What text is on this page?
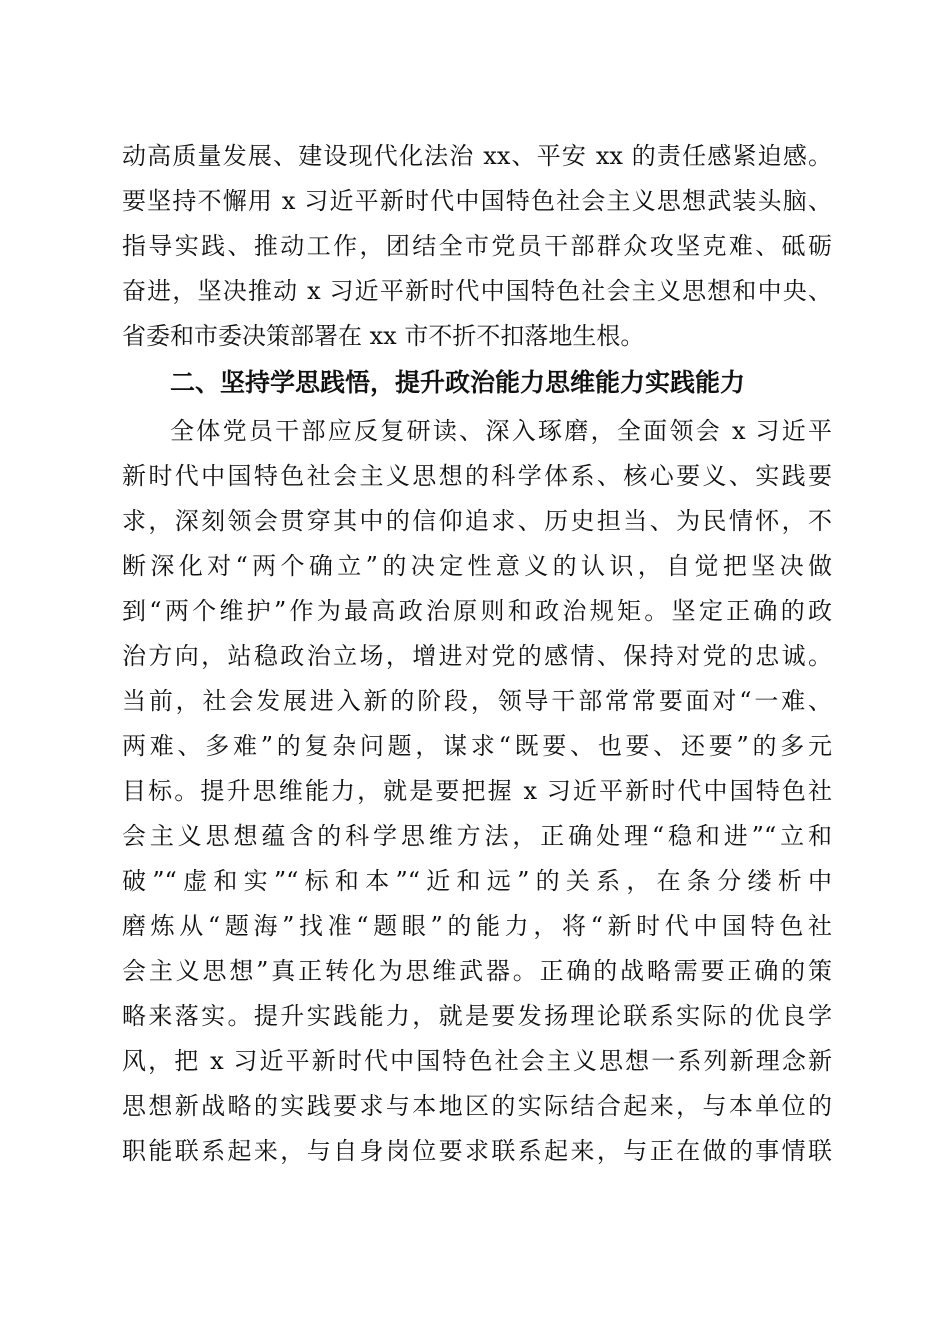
动高质量发展、建设现代化法治 xx、平安 xx 的责任感紧迫感。
要坚持不懈用 x 习近平新时代中国特色社会主义思想武装头脑、
指导实践、推动工作，团结全市党员干部群众攻坚克难、砥砺
奋进，坚决推动 x 习近平新时代中国特色社会主义思想和中央、
省委和市委决策部署在 xx 市不折不扣落地生根。
二、坚持学思践悟，提升政治能力思维能力实践能力
全体党员干部应反复研读、深入琢磨，全面领会 x 习近平
新时代中国特色社会主义思想的科学体系、核心要义、实践要
求，深刻领会贯穿其中的信仰追求、历史担当、为民情怀，不
断深化对“两个确立”的决定性意义的认识，自觉把坚决做
到“两个维护”作为最高政治原则和政治规矩。坚定正确的政
治方向，站稳政治立场，增进对党的感情、保持对党的忠诚。
当前，社会发展进入新的阶段，领导干部常常要面对“一难、
两难、多难”的复杂问题，谋求“既要、也要、还要”的多元
目标。提升思维能力，就是要把握 x 习近平新时代中国特色社
会主义思想蕴含的科学思维方法，正确处理“稳和进”“立和
破”“虚和实”“标和本”“近和远”的关系，在条分缕析中
磨炼从“题海”找准“题眼”的能力，将“新时代中国特色社
会主义思想”真正转化为思维武器。正确的战略需要正确的策
略来落实。提升实践能力，就是要发扬理论联系实际的优良学
风，把 x 习近平新时代中国特色社会主义思想一系列新理念新
思想新战略的实践要求与本地区的实际结合起来，与本单位的
职能联系起来，与自身岗位要求联系起来，与正在做的事情联
